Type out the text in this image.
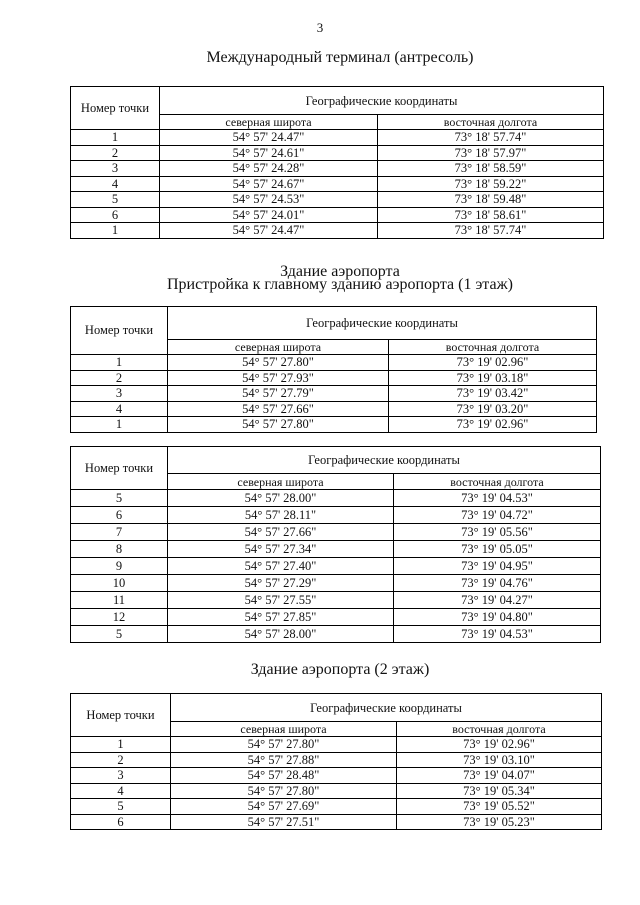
3
Международный терминал (антресоль)
Номер точки	Географические координаты	
	северная широта	восточная долгота
1	54° 57' 24.47"	73° 18' 57.74"
2	54° 57' 24.61"	73° 18' 57.97"
3	54° 57' 24.28"	73° 18' 58.59"
4	54° 57' 24.67"	73° 18' 59.22"
5	54° 57' 24.53"	73° 18' 59.48"
6	54° 57' 24.01"	73° 18' 58.61"
1	54° 57' 24.47"	73° 18' 57.74"
Здание аэропорта
Пристройка к главному зданию аэропорта (1 этаж)
Номер точки	Географические координаты	
	северная широта	восточная долгота
1	54° 57' 27.80"	73° 19' 02.96"
2	54° 57' 27.93"	73° 19' 03.18"
3	54° 57' 27.79"	73° 19' 03.42"
4	54° 57' 27.66"	73° 19' 03.20"
1	54° 57' 27.80"	73° 19' 02.96"
Номер точки	Географические координаты	
	северная широта	восточная долгота
5	54° 57' 28.00"	73° 19' 04.53"
6	54° 57' 28.11"	73° 19' 04.72"
7	54° 57' 27.66"	73° 19' 05.56"
8	54° 57' 27.34"	73° 19' 05.05"
9	54° 57' 27.40"	73° 19' 04.95"
10	54° 57' 27.29"	73° 19' 04.76"
11	54° 57' 27.55"	73° 19' 04.27"
12	54° 57' 27.85"	73° 19' 04.80"
5	54° 57' 28.00"	73° 19' 04.53"
Здание аэропорта (2 этаж)
Номер точки	Географические координаты	
	северная широта	восточная долгота
1	54° 57' 27.80"	73° 19' 02.96"
2	54° 57' 27.88"	73° 19' 03.10"
3	54° 57' 28.48"	73° 19' 04.07"
4	54° 57' 27.80"	73° 19' 05.34"
5	54° 57' 27.69"	73° 19' 05.52"
6	54° 57' 27.51"	73° 19' 05.23"
